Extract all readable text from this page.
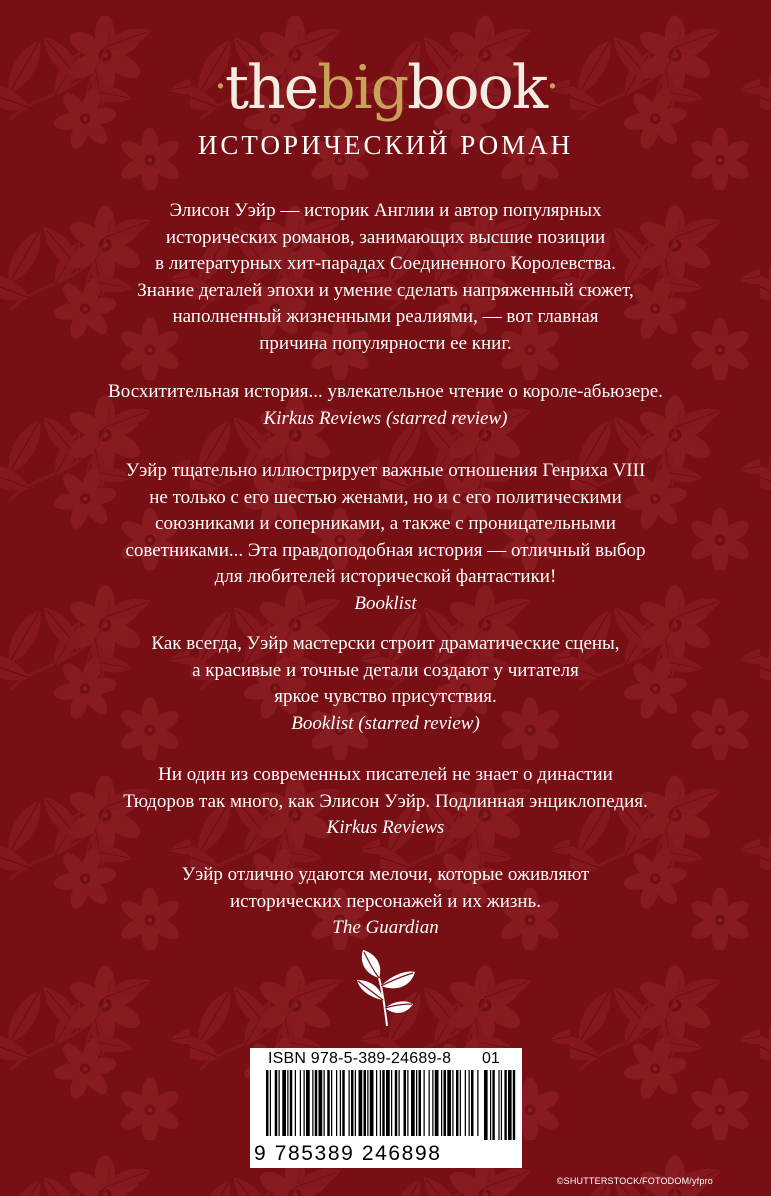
·thebigbook·
ИСТОРИЧЕСКИЙ РОМАН
Элисон Уэйр — историк Англии и автор популярных
исторических романов, занимающих высшие позиции
в литературных хит-парадах Соединенного Королевства.
Знание деталей эпохи и умение сделать напряженный сюжет,
наполненный жизненными реалиями, — вот главная
причина популярности ее книг.
Восхитительная история... увлекательное чтение о короле-абьюзере.
Kirkus Reviews (starred review)
Уэйр тщательно иллюстрирует важные отношения Генриха VIII
не только с его шестью женами, но и с его политическими
союзниками и соперниками, а также с проницательными
советниками... Эта правдоподобная история — отличный выбор
для любителей исторической фантастики!
Booklist
Как всегда, Уэйр мастерски строит драматические сцены,
а красивые и точные детали создают у читателя
яркое чувство присутствия.
Booklist (starred review)
Ни один из современных писателей не знает о династии
Тюдоров так много, как Элисон Уэйр. Подлинная энциклопедия.
Kirkus Reviews
Уэйр отлично удаются мелочи, которые оживляют
исторических персонажей и их жизнь.
The Guardian
ISBN 978-5-389-24689-8 01
9 785389 246898
©SHUTTERSTOCK/FOTODOM/yfpro
